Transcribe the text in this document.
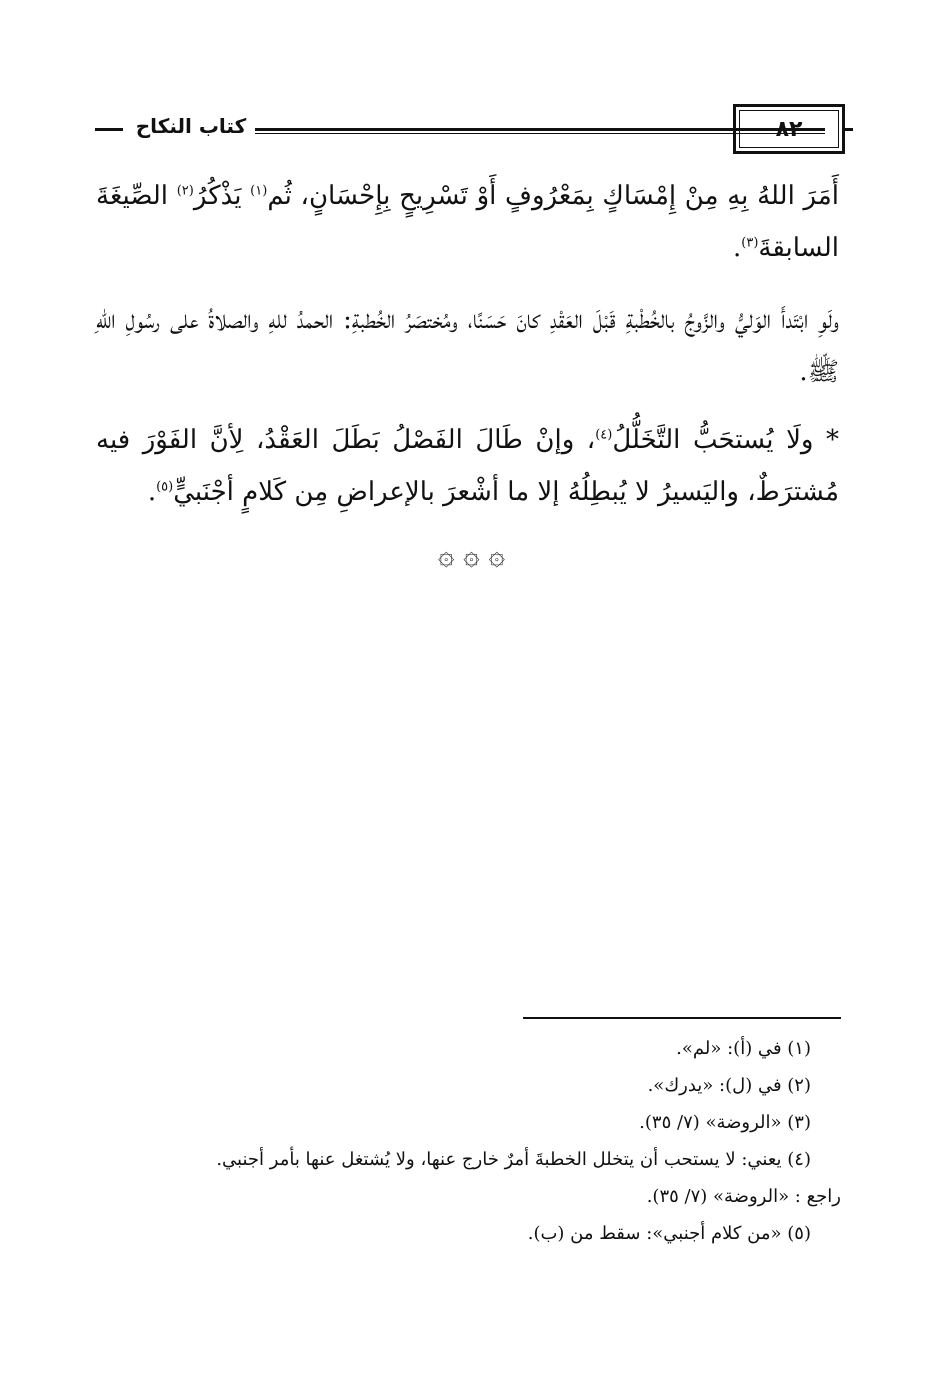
كتاب النكاح	٨٢

أَمَرَ اللهُ بِهِ مِنْ إِمْسَاكٍ بِمَعْرُوفٍ أَوْ تَسْرِيحٍ بِإِحْسَانٍ، ثُم$^{(١)}$ يَذْكُرُ$^{(٢)}$ الصِّيغَةَ السابقةَ$^{(٣)}$.

ولَوِ ابْتَدأَ الوَليُّ والزَّوجُ بالخُطْبةِ قَبْلَ العَقْدِ كانَ حَسَنًا، ومُختصَرُ الخُطبةِ: الحمدُ للهِ والصلاةُ على رسُولِ اللهِ ﷺ.

* ولَا يُستحَبُّ التَّخَلُّلُ$^{(٤)}$، وإنْ طَالَ الفَصْلُ بَطَلَ العَقْدُ، لِأنَّ الفَوْرَ فيه مُشترَطٌ، واليَسيرُ لا يُبطِلُهُ إلا ما أشْعرَ بالإعراضِ مِن كَلامٍ أجْنَبيٍّ$^{(٥)}$.

۞ ۞ ۞

(١) في (أ): «لم».

(٢) في (ل): «يدرك».

(٣) «الروضة» (٧/ ٣٥).

(٤) يعني: لا يستحب أن يتخلل الخطبةَ أمرٌ خارج عنها، ولا يُشتغل عنها بأمر أجنبي.

راجع : «الروضة» (٧/ ٣٥).

(٥) «من كلام أجنبي»: سقط من (ب).
